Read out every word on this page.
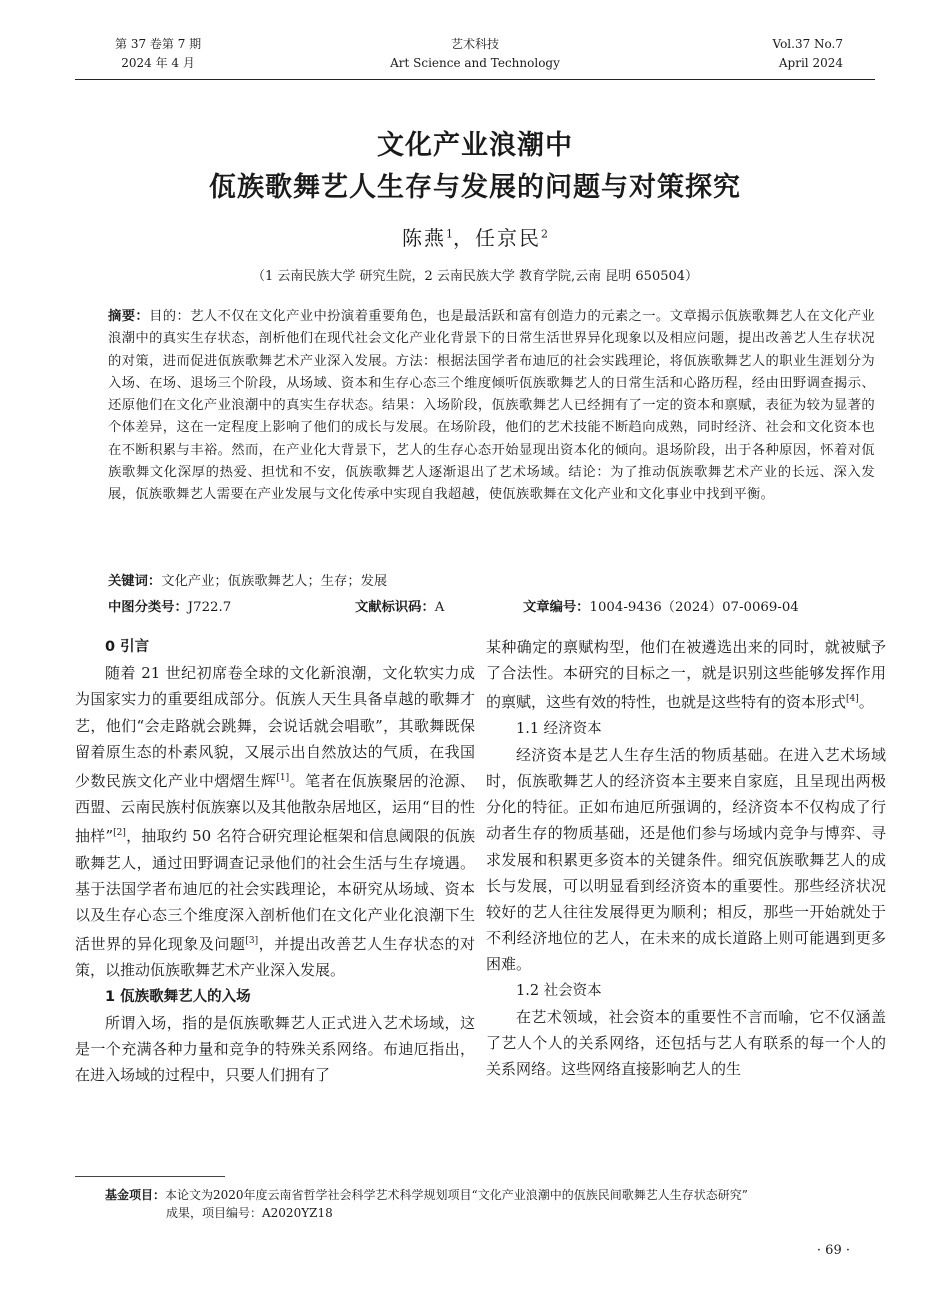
第 37 卷第 7 期
2024 年 4 月
艺术科技
Art Science and Technology
Vol.37 No.7
April 2024
文化产业浪潮中
佤族歌舞艺人生存与发展的问题与对策探究
陈燕$^1$，任京民$^2$
（1 云南民族大学 研究生院，2 云南民族大学 教育学院,云南 昆明 650504）
摘要：目的：艺人不仅在文化产业中扮演着重要角色，也是最活跃和富有创造力的元素之一。文章揭示佤族歌舞艺人在文化产业浪潮中的真实生存状态，剖析他们在现代社会文化产业化背景下的日常生活世界异化现象以及相应问题，提出改善艺人生存状况的对策，进而促进佤族歌舞艺术产业深入发展。方法：根据法国学者布迪厄的社会实践理论，将佤族歌舞艺人的职业生涯划分为入场、在场、退场三个阶段，从场域、资本和生存心态三个维度倾听佤族歌舞艺人的日常生活和心路历程，经由田野调查揭示、还原他们在文化产业浪潮中的真实生存状态。结果：入场阶段，佤族歌舞艺人已经拥有了一定的资本和禀赋，表征为较为显著的个体差异，这在一定程度上影响了他们的成长与发展。在场阶段，他们的艺术技能不断趋向成熟，同时经济、社会和文化资本也在不断积累与丰裕。然而，在产业化大背景下，艺人的生存心态开始显现出资本化的倾向。退场阶段，出于各种原因，怀着对佤族歌舞文化深厚的热爱、担忧和不安，佤族歌舞艺人逐渐退出了艺术场域。结论：为了推动佤族歌舞艺术产业的长远、深入发展，佤族歌舞艺人需要在产业发展与文化传承中实现自我超越，使佤族歌舞在文化产业和文化事业中找到平衡。
关键词：文化产业；佤族歌舞艺人；生存；发展
中图分类号：J722.7	文献标识码：A	文章编号：1004-9436（2024）07-0069-04
0 引言

随着 21 世纪初席卷全球的文化新浪潮，文化软实力成为国家实力的重要组成部分。佤族人天生具备卓越的歌舞才艺，他们“会走路就会跳舞，会说话就会唱歌”，其歌舞既保留着原生态的朴素风貌，又展示出自然放达的气质，在我国少数民族文化产业中熠熠生辉[1]。笔者在佤族聚居的沧源、西盟、云南民族村佤族寨以及其他散杂居地区，运用“目的性抽样”[2]，抽取约 50 名符合研究理论框架和信息阈限的佤族歌舞艺人，通过田野调查记录他们的社会生活与生存境遇。基于法国学者布迪厄的社会实践理论，本研究从场域、资本以及生存心态三个维度深入剖析他们在文化产业化浪潮下生活世界的异化现象及问题[3]，并提出改善艺人生存状态的对策，以推动佤族歌舞艺术产业深入发展。

1 佤族歌舞艺人的入场

所谓入场，指的是佤族歌舞艺人正式进入艺术场域，这是一个充满各种力量和竞争的特殊关系网络。布迪厄指出，在进入场域的过程中，只要人们拥有了

某种确定的禀赋构型，他们在被遴选出来的同时，就被赋予了合法性。本研究的目标之一，就是识别这些能够发挥作用的禀赋，这些有效的特性，也就是这些特有的资本形式[4]。
1.1 经济资本

经济资本是艺人生存生活的物质基础。在进入艺术场域时，佤族歌舞艺人的经济资本主要来自家庭，且呈现出两极分化的特征。正如布迪厄所强调的，经济资本不仅构成了行动者生存的物质基础，还是他们参与场域内竞争与博弈、寻求发展和积累更多资本的关键条件。细究佤族歌舞艺人的成长与发展，可以明显看到经济资本的重要性。那些经济状况较好的艺人往往发展得更为顺利；相反，那些一开始就处于不利经济地位的艺人，在未来的成长道路上则可能遇到更多困难。

1.2 社会资本

在艺术领域，社会资本的重要性不言而喻，它不仅涵盖了艺人个人的关系网络，还包括与艺人有联系的每一个人的关系网络。这些网络直接影响艺人的生

基金项目：本论文为2020年度云南省哲学社会科学艺术科学规划项目“文化产业浪潮中的佤族民间歌舞艺人生存状态研究”
成果，项目编号：A2020YZ18
· 69 ·
